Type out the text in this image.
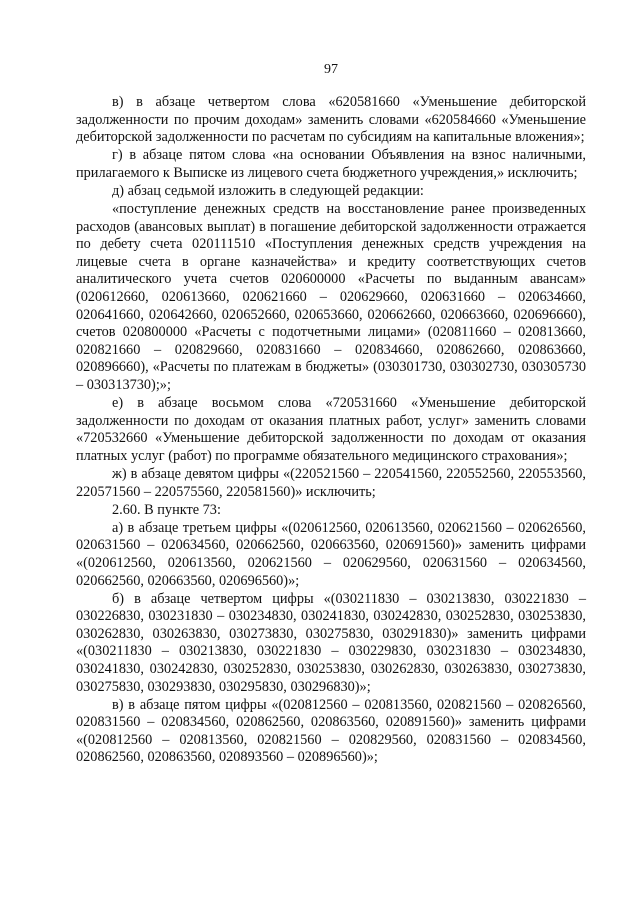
97

в) в абзаце четвертом слова «620581660 «Уменьшение дебиторской задолженности по прочим доходам» заменить словами «620584660 «Уменьшение дебиторской задолженности по расчетам по субсидиям на капитальные вложения»;

г) в абзаце пятом слова «на основании Объявления на взнос наличными, прилагаемого к Выписке из лицевого счета бюджетного учреждения,» исключить;

д) абзац седьмой изложить в следующей редакции:

«поступление денежных средств на восстановление ранее произведенных расходов (авансовых выплат) в погашение дебиторской задолженности отражается по дебету счета 020111510 «Поступления денежных средств учреждения на лицевые счета в органе казначейства» и кредиту соответствующих счетов аналитического учета счетов 020600000 «Расчеты по выданным авансам» (020612660, 020613660, 020621660 – 020629660, 020631660 – 020634660, 020641660, 020642660, 020652660, 020653660, 020662660, 020663660, 020696660), счетов 020800000 «Расчеты с подотчетными лицами» (020811660 – 020813660, 020821660 – 020829660, 020831660 – 020834660, 020862660, 020863660, 020896660), «Расчеты по платежам в бюджеты» (030301730, 030302730, 030305730 – 030313730);»;

е) в абзаце восьмом слова «720531660 «Уменьшение дебиторской задолженности по доходам от оказания платных работ, услуг» заменить словами «720532660 «Уменьшение дебиторской задолженности по доходам от оказания платных услуг (работ) по программе обязательного медицинского страхования»;

ж) в абзаце девятом цифры «(220521560 – 220541560, 220552560, 220553560, 220571560 – 220575560, 220581560)» исключить;

2.60. В пункте 73:

а) в абзаце третьем цифры «(020612560, 020613560, 020621560 – 020626560, 020631560 – 020634560, 020662560, 020663560, 020691560)» заменить цифрами «(020612560, 020613560, 020621560 – 020629560, 020631560 – 020634560, 020662560, 020663560, 020696560)»;

б) в абзаце четвертом цифры «(030211830 – 030213830, 030221830 – 030226830, 030231830 – 030234830, 030241830, 030242830, 030252830, 030253830, 030262830, 030263830, 030273830, 030275830, 030291830)» заменить цифрами «(030211830 – 030213830, 030221830 – 030229830, 030231830 – 030234830, 030241830, 030242830, 030252830, 030253830, 030262830, 030263830, 030273830, 030275830, 030293830, 030295830, 030296830)»;

в) в абзаце пятом цифры «(020812560 – 020813560, 020821560 – 020826560, 020831560 – 020834560, 020862560, 020863560, 020891560)» заменить цифрами «(020812560 – 020813560, 020821560 – 020829560, 020831560 – 020834560, 020862560, 020863560, 020893560 – 020896560)»;
